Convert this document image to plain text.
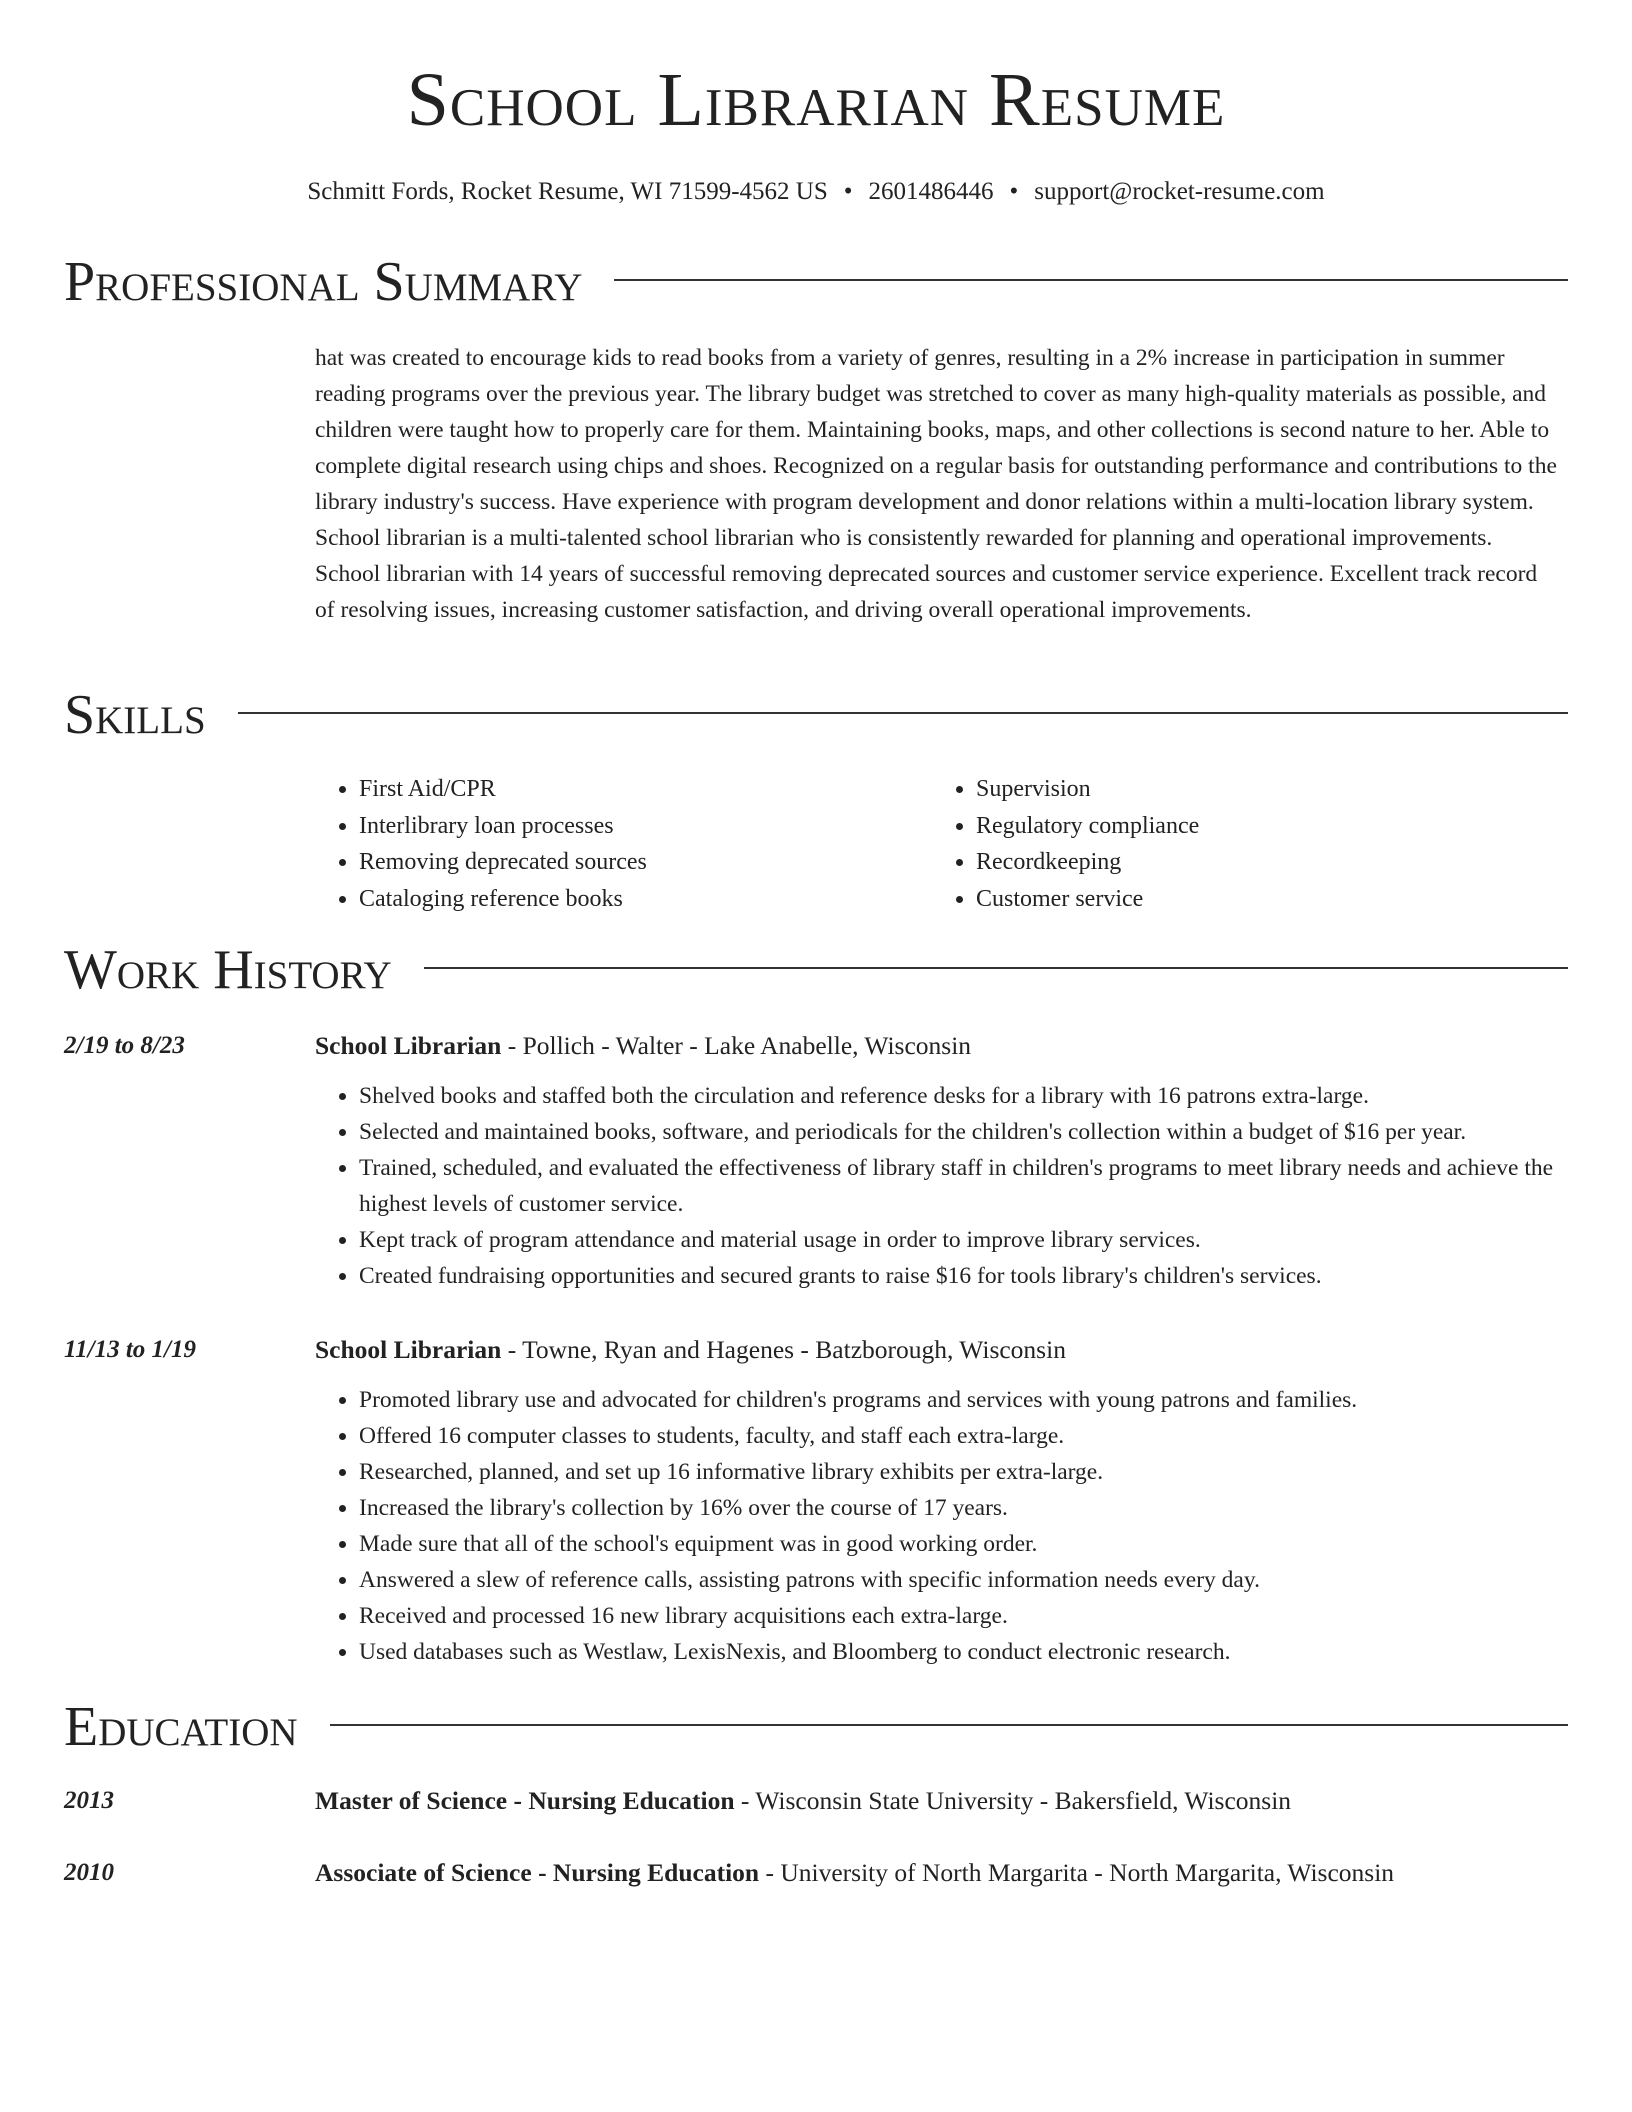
School Librarian Resume
Schmitt Fords, Rocket Resume, WI 71599-4562 US • 2601486446 • support@rocket-resume.com
Professional Summary

hat was created to encourage kids to read books from a variety of genres, resulting in a 2% increase in participation in summer reading programs over the previous year. The library budget was stretched to cover as many high-quality materials as possible, and children were taught how to properly care for them. Maintaining books, maps, and other collections is second nature to her. Able to complete digital research using chips and shoes. Recognized on a regular basis for outstanding performance and contributions to the library industry's success. Have experience with program development and donor relations within a multi-location library system. School librarian is a multi-talented school librarian who is consistently rewarded for planning and operational improvements. School librarian with 14 years of successful removing deprecated sources and customer service experience. Excellent track record of resolving issues, increasing customer satisfaction, and driving overall operational improvements.

Skills
• First Aid/CPR
• Interlibrary loan processes
• Removing deprecated sources
• Cataloging reference books
• Supervision
• Regulatory compliance
• Recordkeeping
• Customer service
Work History
2/19 to 8/23	School Librarian - Pollich - Walter - Lake Anabelle, Wisconsin
• Shelved books and staffed both the circulation and reference desks for a library with 16 patrons extra-large.
• Selected and maintained books, software, and periodicals for the children's collection within a budget of $16 per year.
• Trained, scheduled, and evaluated the effectiveness of library staff in children's programs to meet library needs and achieve the highest levels of customer service.
• Kept track of program attendance and material usage in order to improve library services.
• Created fundraising opportunities and secured grants to raise $16 for tools library's children's services.
11/13 to 1/19	School Librarian - Towne, Ryan and Hagenes - Batzborough, Wisconsin
• Promoted library use and advocated for children's programs and services with young patrons and families.
• Offered 16 computer classes to students, faculty, and staff each extra-large.
• Researched, planned, and set up 16 informative library exhibits per extra-large.
• Increased the library's collection by 16% over the course of 17 years.
• Made sure that all of the school's equipment was in good working order.
• Answered a slew of reference calls, assisting patrons with specific information needs every day.
• Received and processed 16 new library acquisitions each extra-large.
• Used databases such as Westlaw, LexisNexis, and Bloomberg to conduct electronic research.
Education
2013	Master of Science - Nursing Education - Wisconsin State University - Bakersfield, Wisconsin
2010	Associate of Science - Nursing Education - University of North Margarita - North Margarita, Wisconsin
